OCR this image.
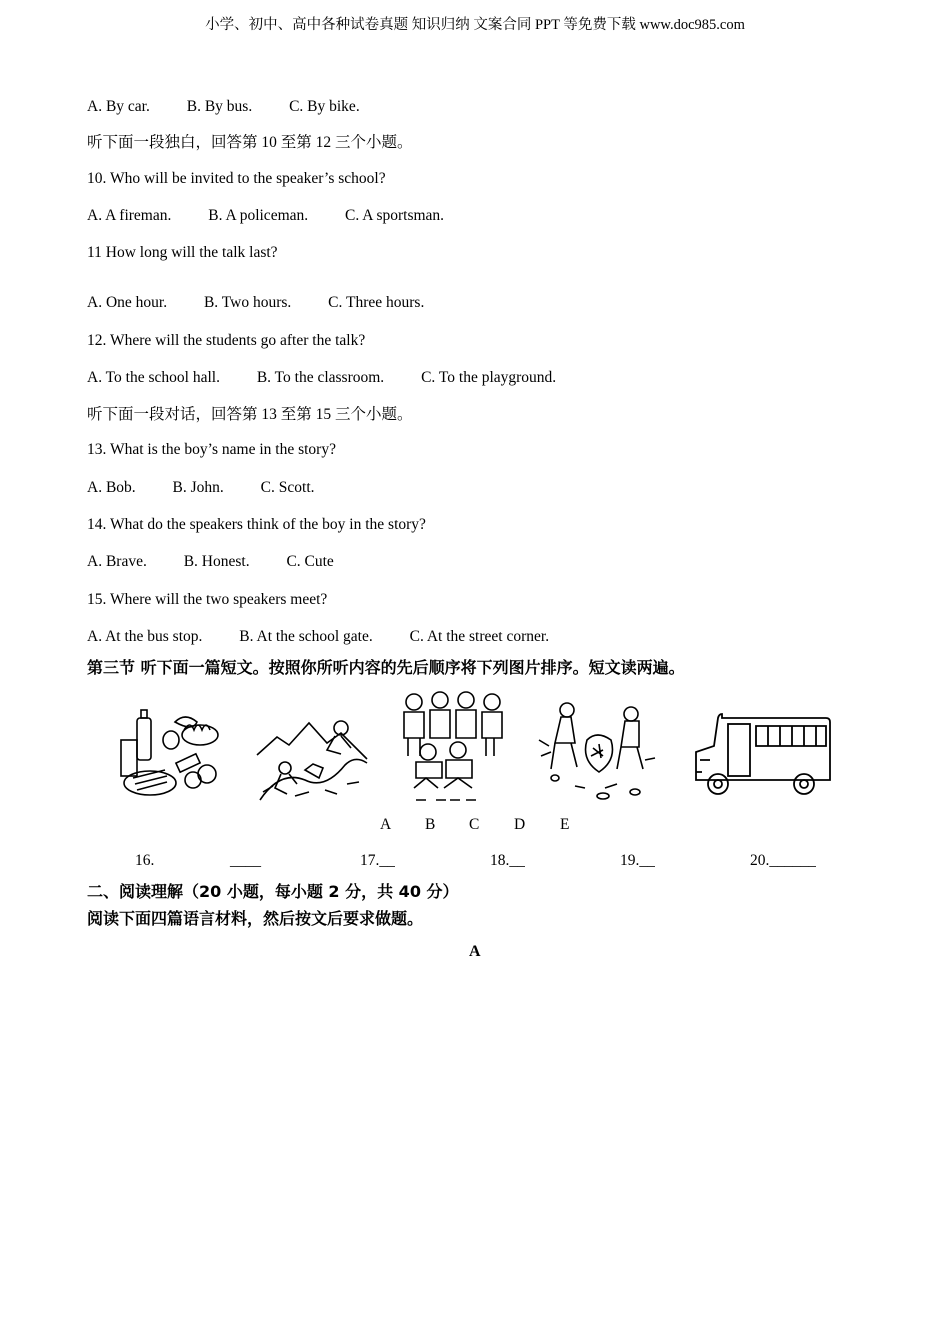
小学、初中、高中各种试卷真题 知识归纳 文案合同 PPT 等免费下载 www.doc985.com
A. By car. B. By bus. C. By bike.
听下面一段独白，回答第 10 至第 12 三个小题。
10. Who will be invited to the speaker’s school?
A. A fireman. B. A policeman. C. A sportsman.
11 How long will the talk last?
A. One hour. B. Two hours. C. Three hours.
12. Where will the students go after the talk?
A. To the school hall. B. To the classroom. C. To the playground.
听下面一段对话，回答第 13 至第 15 三个小题。
13. What is the boy’s name in the story?
A. Bob. B. John. C. Scott.
14. What do the speakers think of the boy in the story?
A. Brave. B. Honest. C. Cute
15. Where will the two speakers meet?
A. At the bus stop. B. At the school gate. C. At the street corner.
第三节 听下面一篇短文。按照你所听内容的先后顺序将下列图片排序。短文读两遍。
A B C D E
16.	____	17.__	18.__	19.__	20.______
二、阅读理解（20 小题，每小题 2 分，共 40 分）
阅读下面四篇语言材料，然后按文后要求做题。
A
